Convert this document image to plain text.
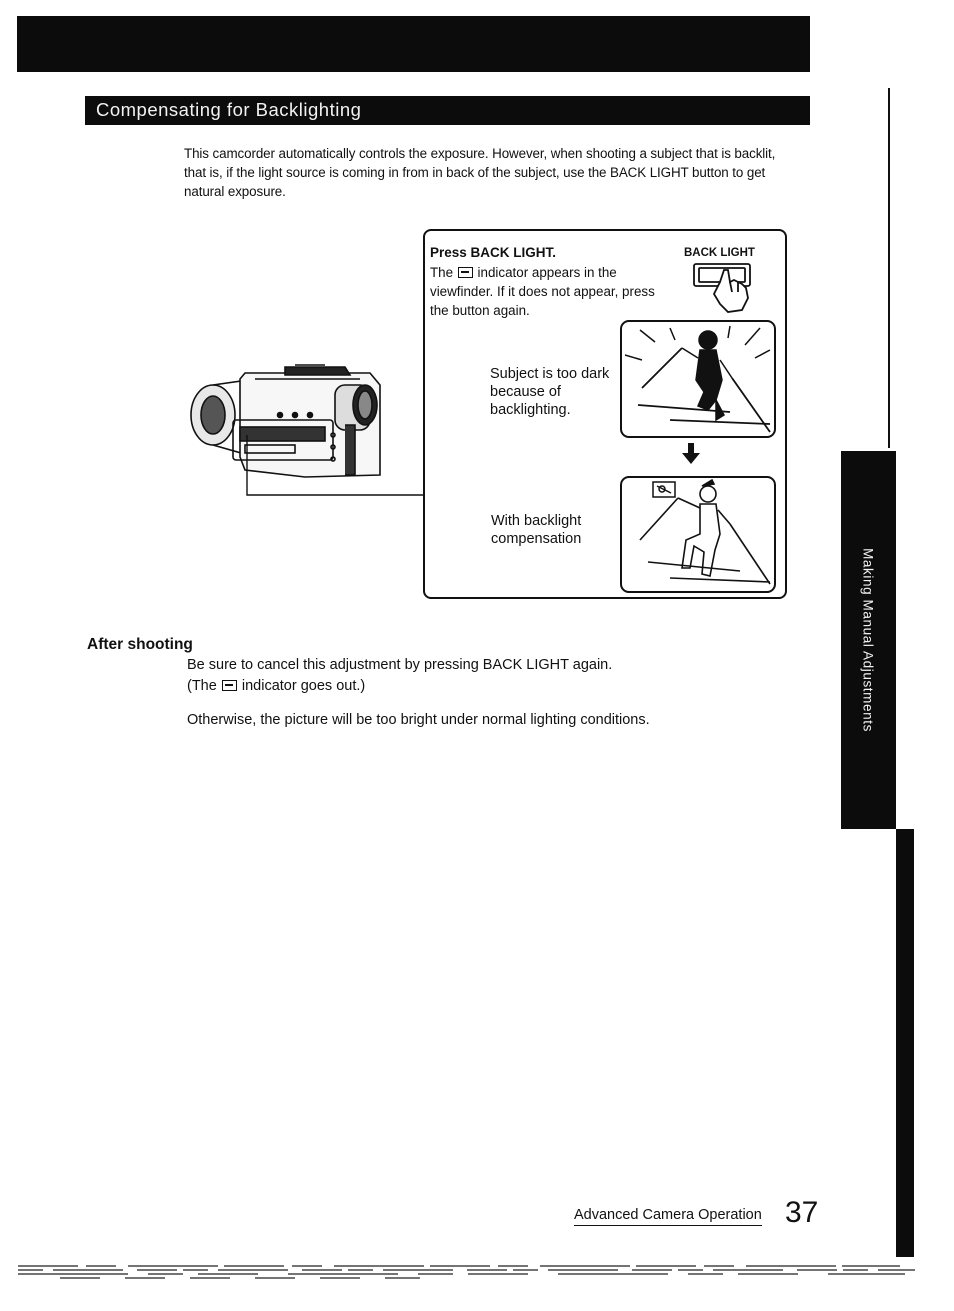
Compensating for Backlighting
Making Manual Adjustments

This camcorder automatically controls the exposure. However, when shooting a subject that is backlit, that is, if the light source is coming in from in back of the subject, use the BACK LIGHT button to get natural exposure.

Press BACK LIGHT.

The indicator appears in the viewfinder. If it does not appear, press the button again.

BACK LIGHT

Subject is too dark because of backlighting.

With backlight compensation

After shooting
Be sure to cancel this adjustment by pressing BACK LIGHT again.
(The indicator goes out.)
Otherwise, the picture will be too bright under normal lighting conditions.
Advanced Camera Operation 37
